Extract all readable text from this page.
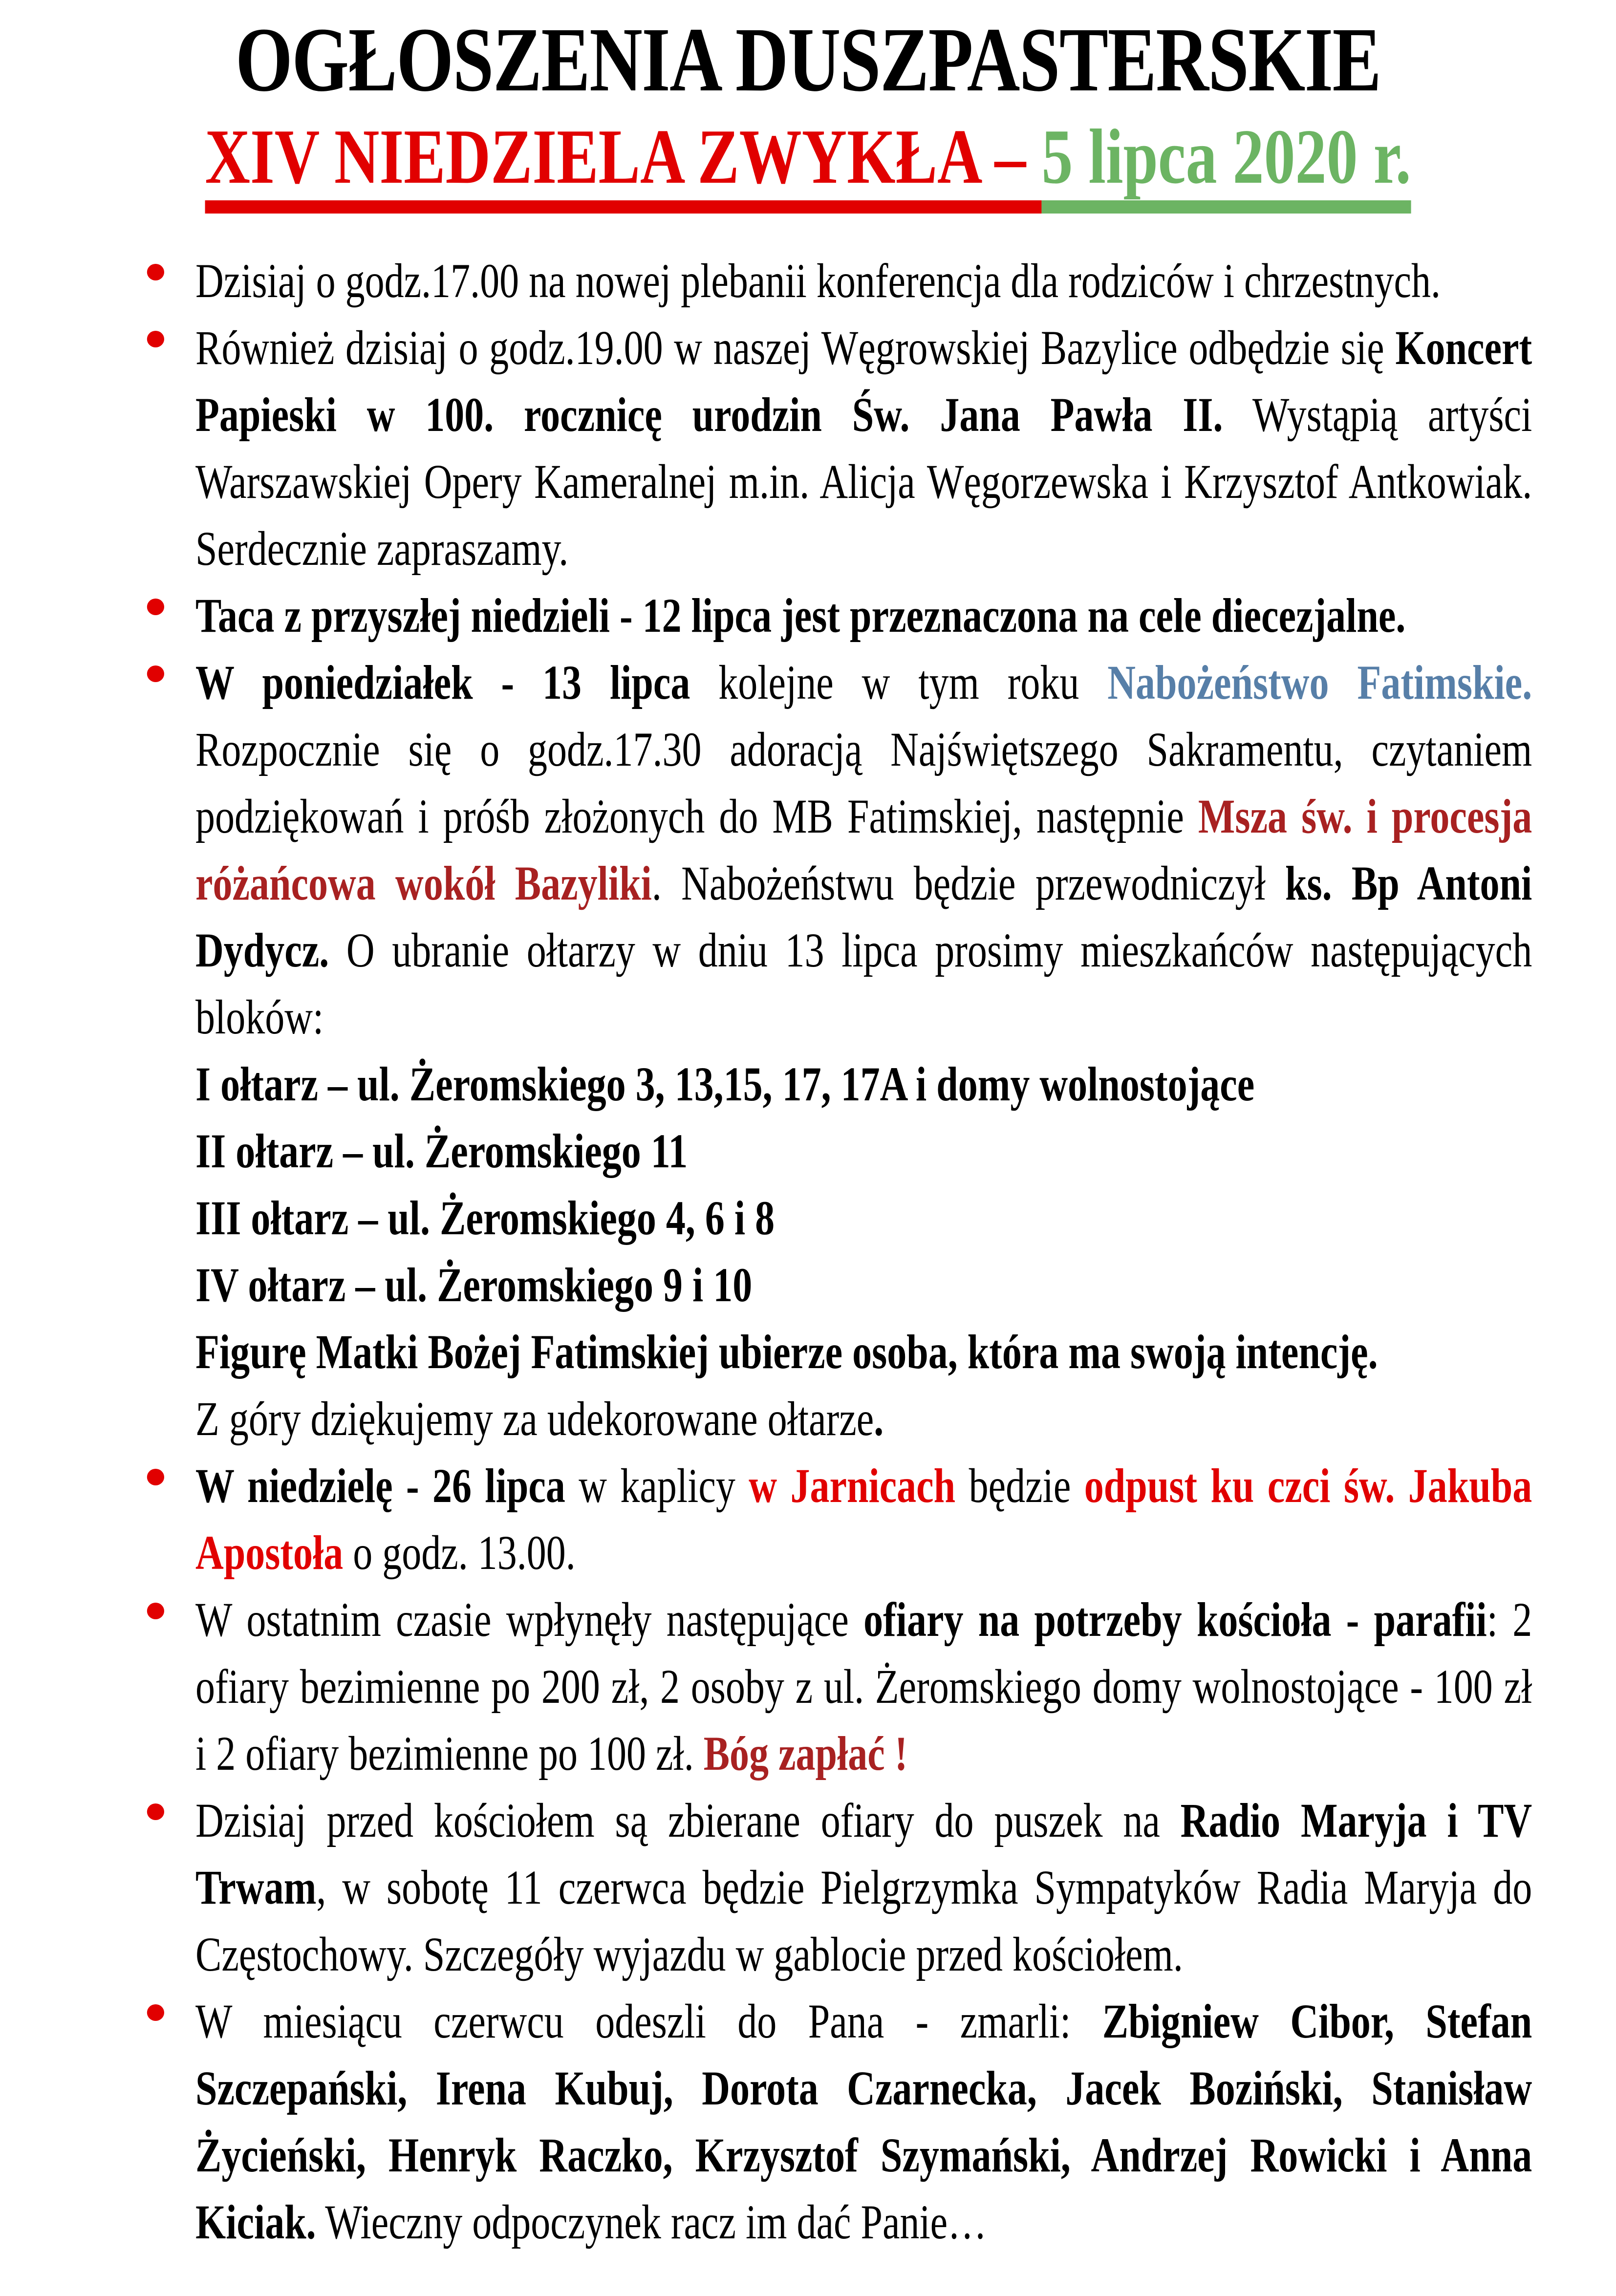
OGŁOSZENIA DUSZPASTERSKIE
XIV NIEDZIELA ZWYKŁA – 5 lipca 2020 r.
Dzisiaj o godz.17.00 na nowej plebanii konferencja dla rodziców i chrzestnych.
Również dzisiaj o godz.19.00 w naszej Węgrowskiej Bazylice odbędzie się Koncert Papieski w 100. rocznicę urodzin Św. Jana Pawła II. Wystąpią artyści Warszawskiej Opery Kameralnej m.in. Alicja Węgorzewska i Krzysztof Antkowiak. Serdecznie zapraszamy.
Taca z przyszłej niedzieli - 12 lipca jest przeznaczona na cele diecezjalne.
W poniedziałek - 13 lipca kolejne w tym roku Nabożeństwo Fatimskie. Rozpocznie się o godz.17.30 adoracją Najświętszego Sakramentu, czytaniem podziękowań i próśb złożonych do MB Fatimskiej, następnie Msza św. i procesja różańcowa wokół Bazyliki. Nabożeństwu będzie przewodniczył ks. Bp Antoni Dydycz. O ubranie ołtarzy w dniu 13 lipca prosimy mieszkańców następujących bloków:
I ołtarz – ul. Żeromskiego 3, 13,15, 17, 17A i domy wolnostojące
II ołtarz – ul. Żeromskiego 11
III ołtarz – ul. Żeromskiego 4, 6 i 8
IV ołtarz – ul. Żeromskiego 9 i 10
Figurę Matki Bożej Fatimskiej ubierze osoba, która ma swoją intencję.
Z góry dziękujemy za udekorowane ołtarze.
W niedzielę - 26 lipca w kaplicy w Jarnicach będzie odpust ku czci św. Jakuba Apostoła o godz. 13.00.
W ostatnim czasie wpłynęły następujące ofiary na potrzeby kościoła - parafii: 2 ofiary bezimienne po 200 zł, 2 osoby z ul. Żeromskiego domy wolnostojące - 100 zł i 2 ofiary bezimienne po 100 zł. Bóg zapłać !
Dzisiaj przed kościołem są zbierane ofiary do puszek na Radio Maryja i TV Trwam, w sobotę 11 czerwca będzie Pielgrzymka Sympatyków Radia Maryja do Częstochowy. Szczegóły wyjazdu w gablocie przed kościołem.
W miesiącu czerwcu odeszli do Pana - zmarli: Zbigniew Cibor, Stefan Szczepański, Irena Kubuj, Dorota Czarnecka, Jacek Boziński, Stanisław Życieński, Henryk Raczko, Krzysztof Szymański, Andrzej Rowicki i Anna Kiciak. Wieczny odpoczynek racz im dać Panie…
